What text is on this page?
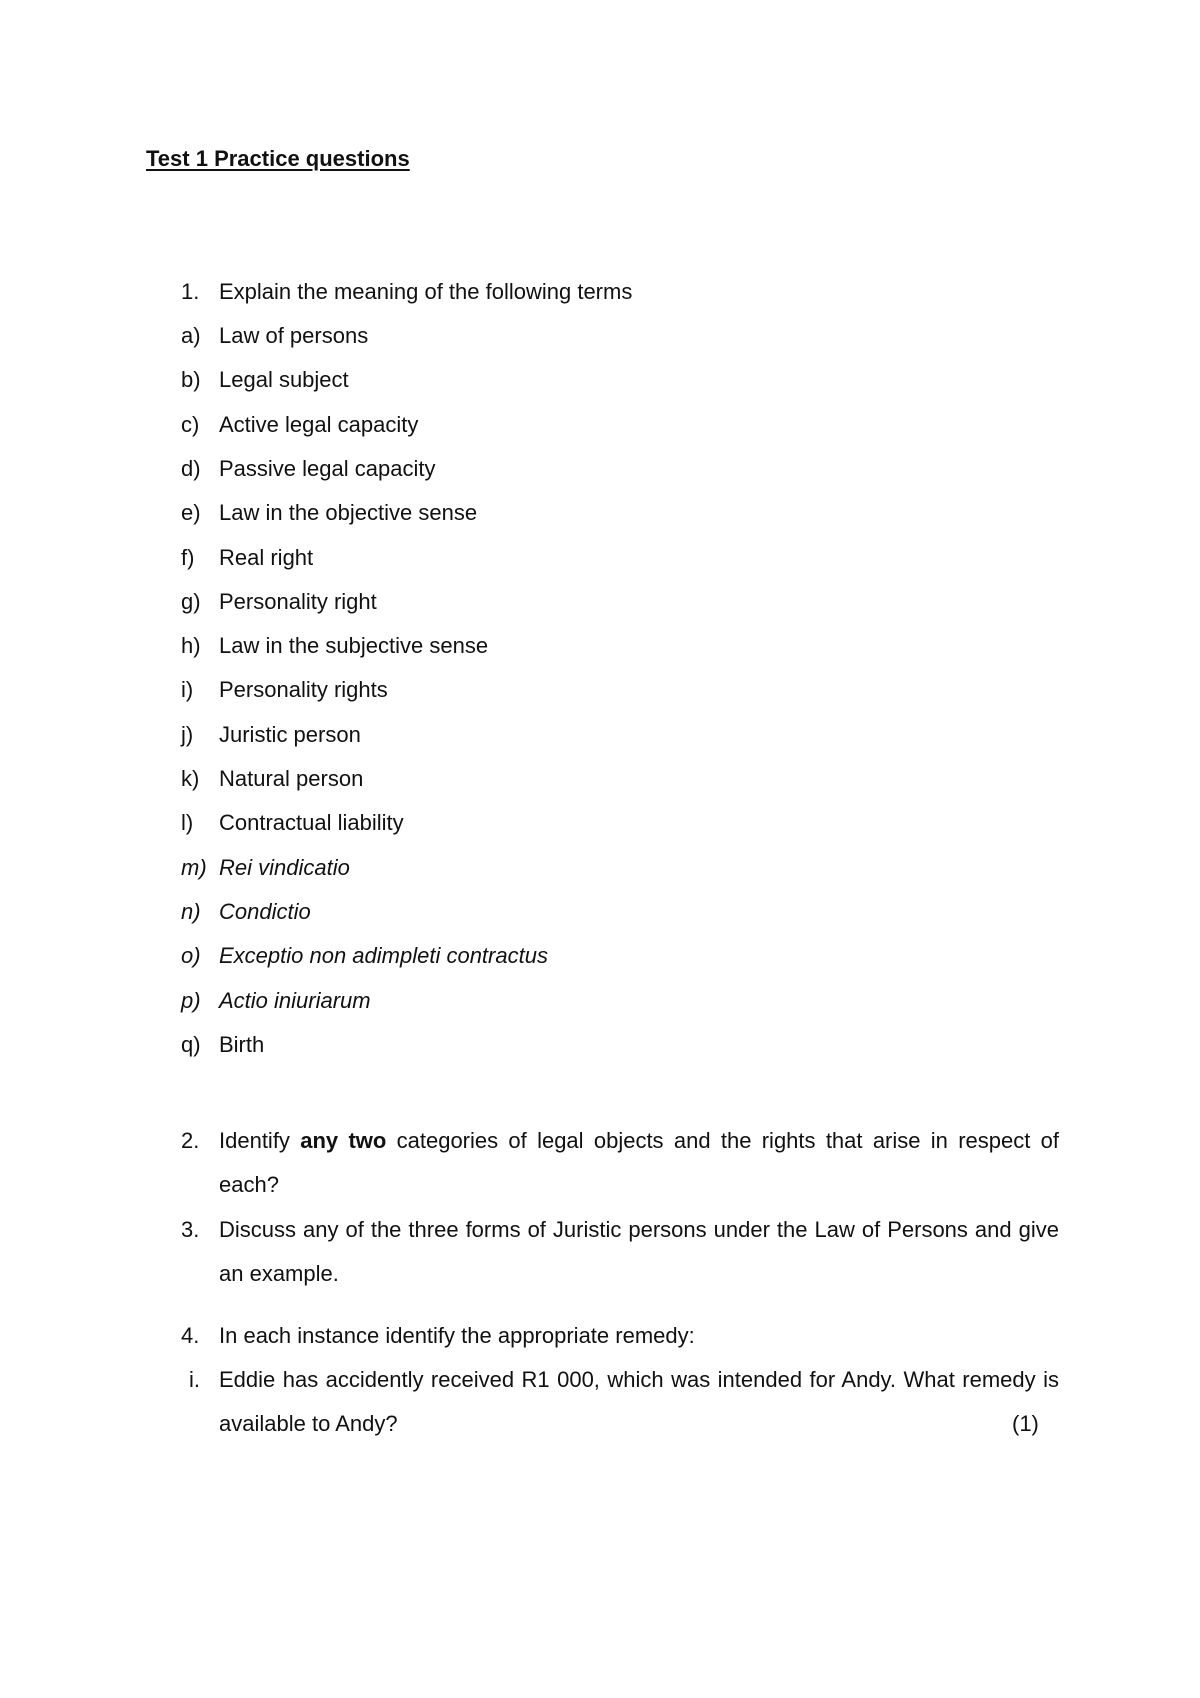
Test 1 Practice questions
1. Explain the meaning of the following terms
a) Law of persons
b) Legal subject
c) Active legal capacity
d) Passive legal capacity
e) Law in the objective sense
f) Real right
g) Personality right
h) Law in the subjective sense
i) Personality rights
j) Juristic person
k) Natural person
l) Contractual liability
m) Rei vindicatio
n) Condictio
o) Exceptio non adimpleti contractus
p) Actio iniuriarum
q) Birth
2. Identify any two categories of legal objects and the rights that arise in respect of each?
3. Discuss any of the three forms of Juristic persons under the Law of Persons and give an example.
4. In each instance identify the appropriate remedy:
i. Eddie has accidently received R1 000, which was intended for Andy. What remedy is available to Andy?	(1)
